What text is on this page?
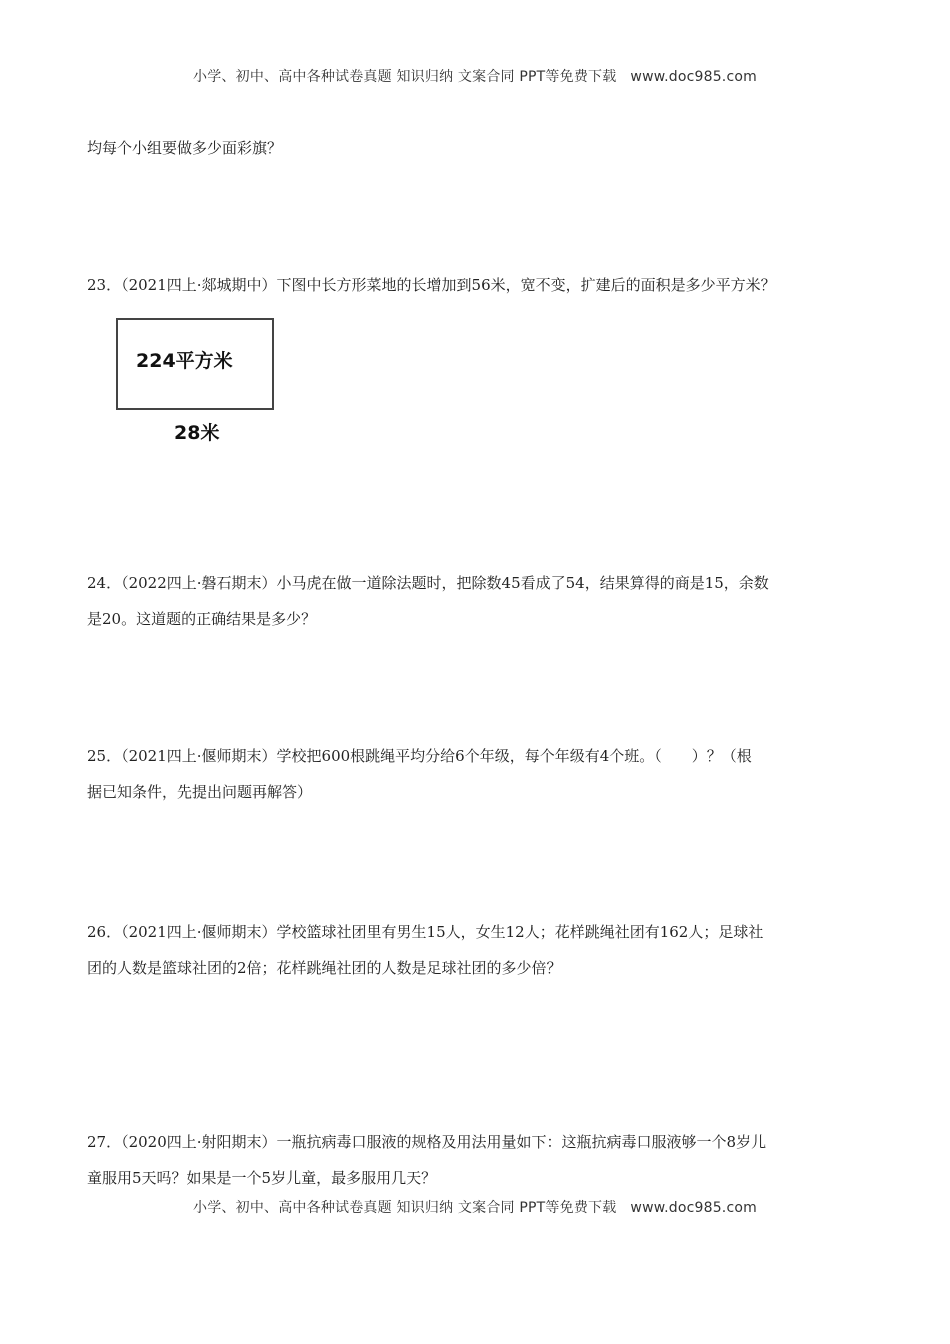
小学、初中、高中各种试卷真题 知识归纳 文案合同 PPT等免费下载 www.doc985.com
均每个小组要做多少面彩旗？
23．（2021四上·郯城期中）下图中长方形菜地的长增加到56米，宽不变，扩建后的面积是多少平方米？
224平方米
28米
24．（2022四上·磐石期末）小马虎在做一道除法题时，把除数45看成了54，结果算得的商是15，余数
是20。这道题的正确结果是多少？
25．（2021四上·偃师期末）学校把600根跳绳平均分给6个年级，每个年级有4个班。（　　）？（根
据已知条件，先提出问题再解答）
26．（2021四上·偃师期末）学校篮球社团里有男生15人，女生12人；花样跳绳社团有162人；足球社
团的人数是篮球社团的2倍；花样跳绳社团的人数是足球社团的多少倍？
27．（2020四上·射阳期末）一瓶抗病毒口服液的规格及用法用量如下：这瓶抗病毒口服液够一个8岁儿
童服用5天吗？如果是一个5岁儿童，最多服用几天？
小学、初中、高中各种试卷真题 知识归纳 文案合同 PPT等免费下载 www.doc985.com
